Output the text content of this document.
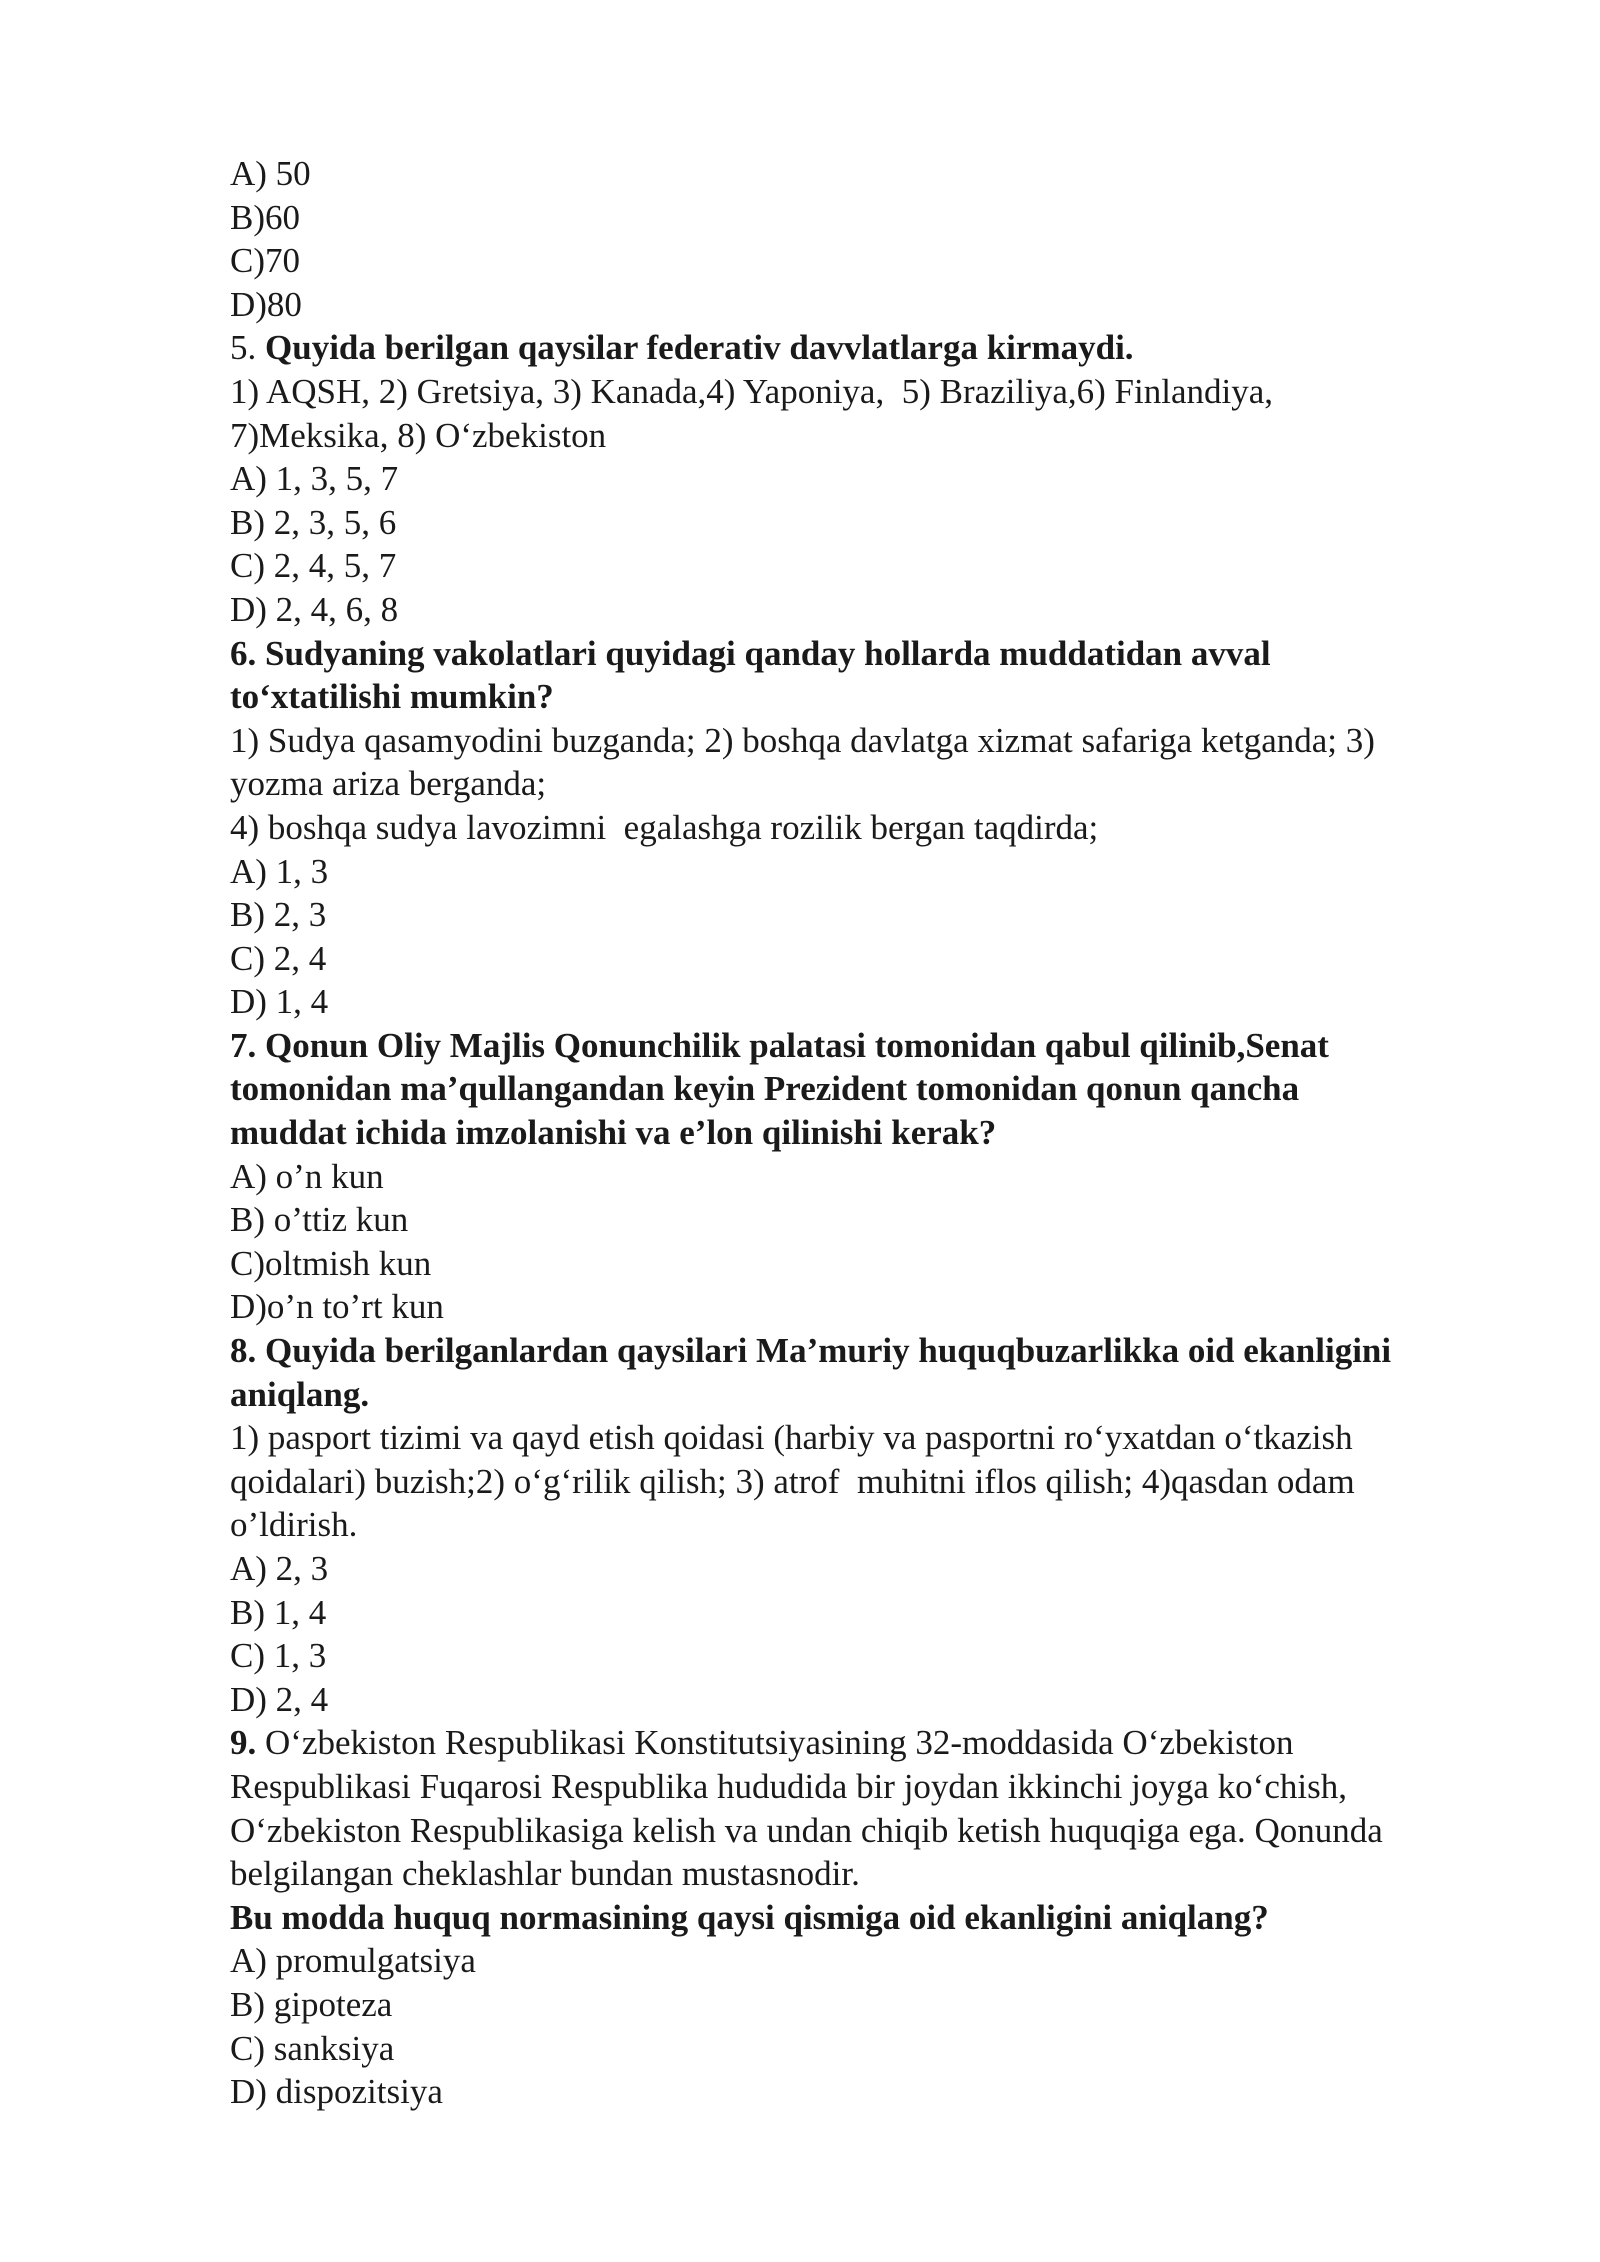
A) 50
B)60
C)70
D)80
5. Quyida berilgan qaysilar federativ davvlatlarga kirmaydi.
1) AQSH, 2) Gretsiya, 3) Kanada,4) Yaponiya,  5) Braziliya,6) Finlandiya,
7)Meksika, 8) O‘zbekiston
A) 1, 3, 5, 7
B) 2, 3, 5, 6
C) 2, 4, 5, 7
D) 2, 4, 6, 8
6. Sudyaning vakolatlari quyidagi qanday hollarda muddatidan avval
to‘xtatilishi mumkin?
1) Sudya qasamyodini buzganda; 2) boshqa davlatga xizmat safariga ketganda; 3)
yozma ariza berganda;
4) boshqa sudya lavozimni  egalashga rozilik bergan taqdirda;
A) 1, 3
B) 2, 3
C) 2, 4
D) 1, 4
7. Qonun Oliy Majlis Qonunchilik palatasi tomonidan qabul qilinib,Senat
tomonidan ma’qullangandan keyin Prezident tomonidan qonun qancha
muddat ichida imzolanishi va e’lon qilinishi kerak?
A) o’n kun
B) o’ttiz kun
C)oltmish kun
D)o’n to’rt kun
8. Quyida berilganlardan qaysilari Ma’muriy huquqbuzarlikka oid ekanligini
aniqlang.
1) pasport tizimi va qayd etish qoidasi (harbiy va pasportni ro‘yxatdan o‘tkazish
qoidalari) buzish;2) o‘g‘rilik qilish; 3) atrof  muhitni iflos qilish; 4)qasdan odam
o’ldirish.
A) 2, 3
B) 1, 4
C) 1, 3
D) 2, 4
9. O‘zbekiston Respublikasi Konstitutsiyasining 32-moddasida O‘zbekiston
Respublikasi Fuqarosi Respublika hududida bir joydan ikkinchi joyga ko‘chish,
O‘zbekiston Respublikasiga kelish va undan chiqib ketish huquqiga ega. Qonunda
belgilangan cheklashlar bundan mustasnodir.
Bu modda huquq normasining qaysi qismiga oid ekanligini aniqlang?
A) promulgatsiya
B) gipoteza
C) sanksiya
D) dispozitsiya
